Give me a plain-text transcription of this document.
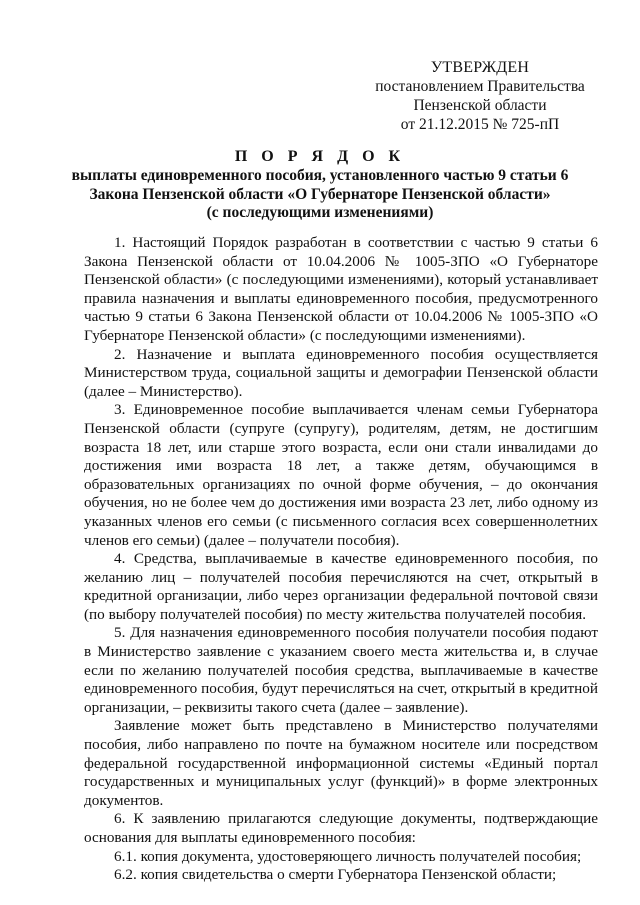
УТВЕРЖДЕН
постановлением Правительства
Пензенской области
от 21.12.2015 № 725-пП
П О Р Я Д О К
выплаты единовременного пособия, установленного частью 9 статьи 6
Закона Пензенской области «О Губернаторе Пензенской области»
(с последующими изменениями)

1. Настоящий Порядок разработан в соответствии с частью 9 статьи 6 Закона Пензенской области от 10.04.2006 № 1005-ЗПО «О Губернаторе Пензенской области» (с последующими изменениями), который устанавливает правила назначения и выплаты единовременного пособия, предусмотренного частью 9 статьи 6 Закона Пензенской области от 10.04.2006 № 1005-ЗПО «О Губернаторе Пензенской области» (с последующими изменениями).

2. Назначение и выплата единовременного пособия осуществляется Министерством труда, социальной защиты и демографии Пензенской области (далее – Министерство).

3. Единовременное пособие выплачивается членам семьи Губернатора Пензенской области (супруге (супругу), родителям, детям, не достигшим возраста 18 лет, или старше этого возраста, если они стали инвалидами до достижения ими возраста 18 лет, а также детям, обучающимся в образовательных организациях по очной форме обучения, – до окончания обучения, но не более чем до достижения ими возраста 23 лет, либо одному из указанных членов его семьи (с письменного согласия всех совершеннолетних членов его семьи) (далее – получатели пособия).

4. Средства, выплачиваемые в качестве единовременного пособия, по желанию лиц – получателей пособия перечисляются на счет, открытый в кредитной организации, либо через организации федеральной почтовой связи (по выбору получателей пособия) по месту жительства получателей пособия.

5. Для назначения единовременного пособия получатели пособия подают в Министерство заявление с указанием своего места жительства и, в случае если по желанию получателей пособия средства, выплачиваемые в качестве единовременного пособия, будут перечисляться на счет, открытый в кредитной организации, – реквизиты такого счета (далее – заявление).

Заявление может быть представлено в Министерство получателями пособия, либо направлено по почте на бумажном носителе или посредством федеральной государственной информационной системы «Единый портал государственных и муниципальных услуг (функций)» в форме электронных документов.

6. К заявлению прилагаются следующие документы, подтверждающие основания для выплаты единовременного пособия:

6.1. копия документа, удостоверяющего личность получателей пособия;

6.2. копия свидетельства о смерти Губернатора Пензенской области;
